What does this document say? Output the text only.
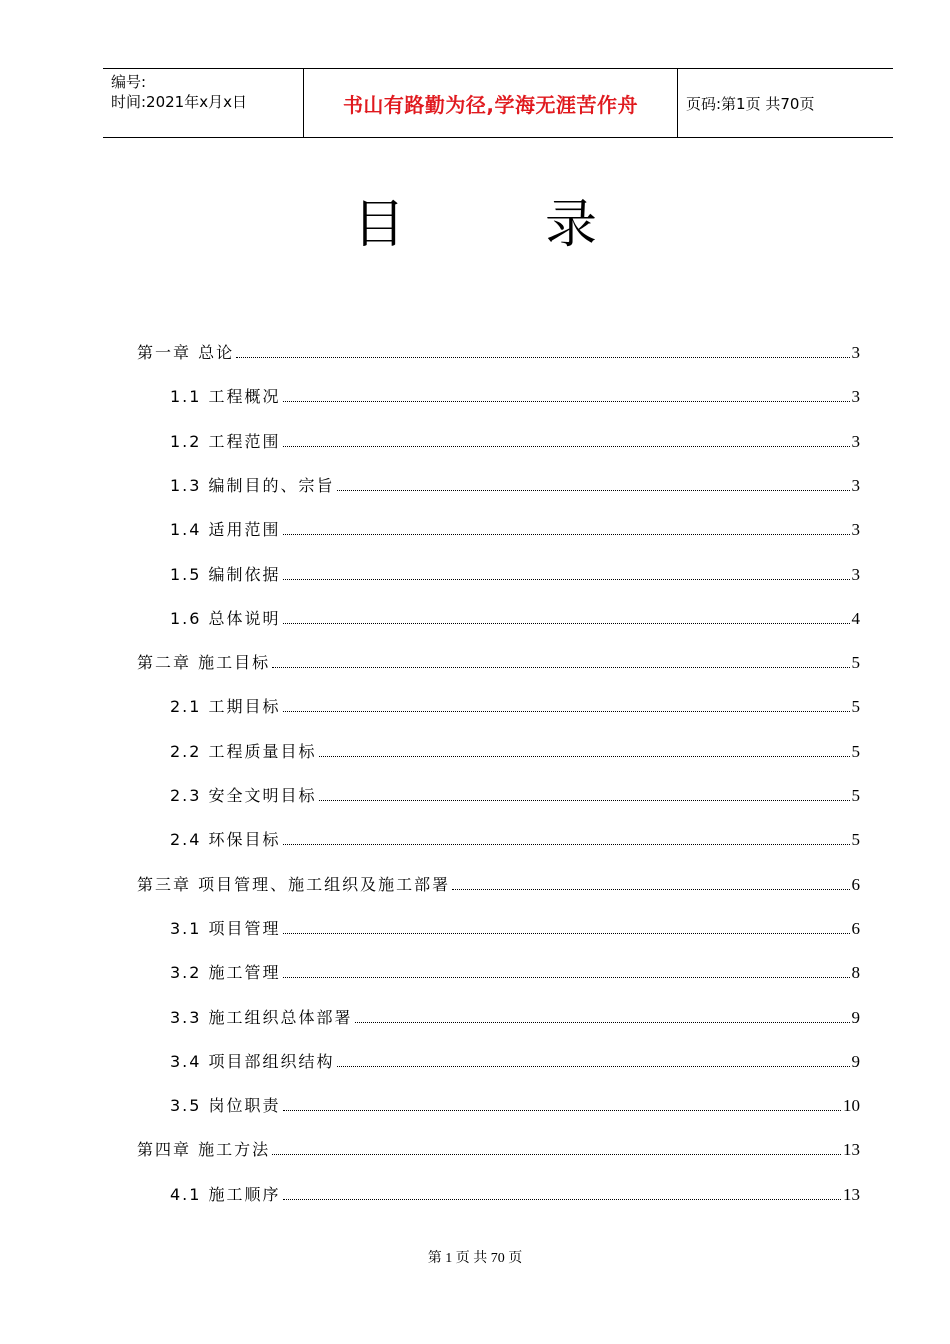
编号:
时间:2021年x月x日	书山有路勤为径,学海无涯苦作舟	页码:第1页 共70页
目录
第一章 总论	3
1.1 工程概况	3
1.2 工程范围	3
1.3 编制目的、宗旨	3
1.4 适用范围	3
1.5 编制依据	3
1.6 总体说明	4
第二章 施工目标	5
2.1 工期目标	5
2.2 工程质量目标	5
2.3 安全文明目标	5
2.4 环保目标	5
第三章 项目管理、施工组织及施工部署	6
3.1 项目管理	6
3.2 施工管理	8
3.3 施工组织总体部署	9
3.4 项目部组织结构	9
3.5 岗位职责	10
第四章 施工方法	13
4.1 施工顺序	13
第 1 页 共 70 页
